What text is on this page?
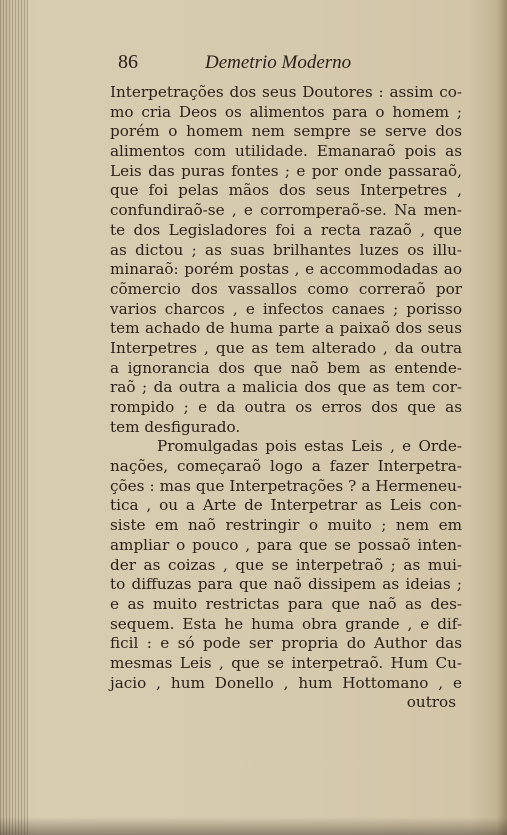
86	Demetrio Moderno
Interpetrações dos seus Doutores : assim co-
mo cria Deos os alimentos para o homem ;
porém o homem nem sempre se serve dos
alimentos com utilidade. Emanaraõ pois as
Leis das puras fontes ; e por onde passaraõ,
que foi pelas mãos dos seus Interpetres ,
confundiraõ-se , e corromperaõ-se. Na men-
te dos Legisladores foi a recta razaõ , que
as dictou ; as suas brilhantes luzes os illu-
minaraõ: porém postas , e accommodadas ao
cõmercio dos vassallos como correraõ por
varios charcos , e infectos canaes ; porisso
tem achado de huma parte a paixaõ dos seus
Interpetres , que as tem alterado , da outra
a ignorancia dos que naõ bem as entende-
raõ ; da outra a malicia dos que as tem cor-
rompido ; e da outra os erros dos que as
tem desfigurado.
Promulgadas pois estas Leis , e Orde-
nações, começaraõ logo a fazer Interpetra-
ções : mas que Interpetrações ? a Hermeneu-
tica , ou a Arte de Interpetrar as Leis con-
siste em naõ restringir o muito ; nem em
ampliar o pouco , para que se possaõ inten-
der as coizas , que se interpetraõ ; as mui-
to diffuzas para que naõ dissipem as ideias ;
e as muito restrictas para que naõ as des-
sequem. Esta he huma obra grande , e dif-
ficil : e só pode ser propria do Author das
mesmas Leis , que se interpetraõ. Hum Cu-
jacio , hum Donello , hum Hottomano , e
outros
